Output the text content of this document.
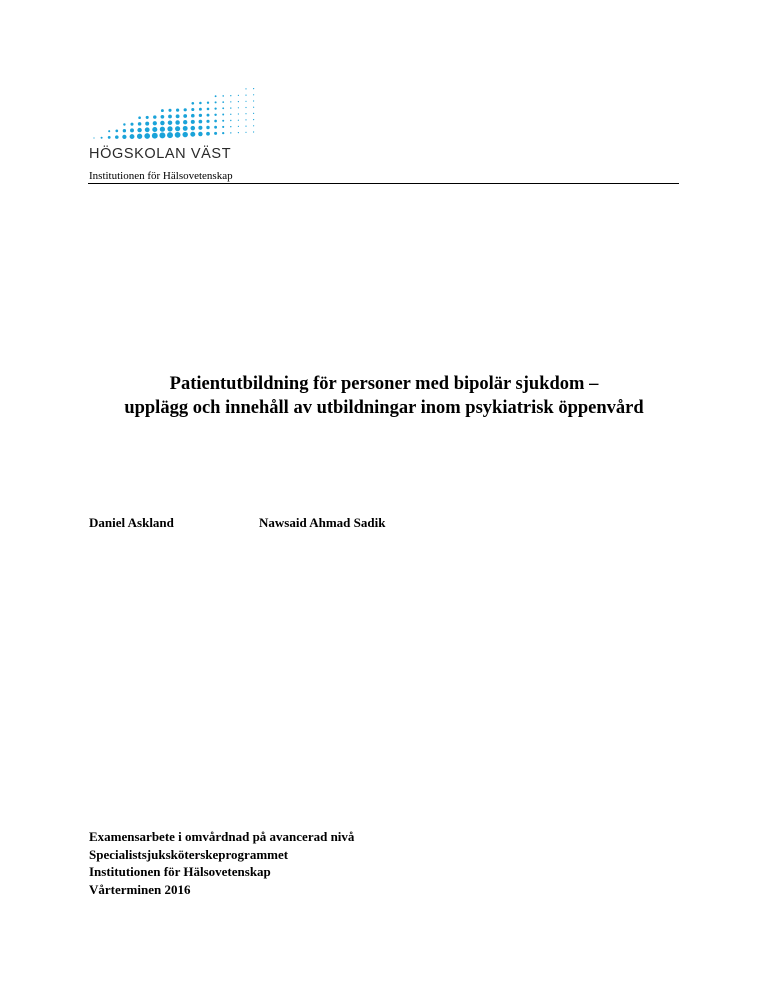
HÖGSKOLAN VÄST
Institutionen för Hälsovetenskap
Patientutbildning för personer med bipolär sjukdom –
upplägg och innehåll av utbildningar inom psykiatrisk öppenvård
Daniel Askland	Nawsaid Ahmad Sadik
Examensarbete i omvårdnad på avancerad nivå
Specialistsjuksköterskeprogrammet
Institutionen för Hälsovetenskap
Vårterminen 2016
